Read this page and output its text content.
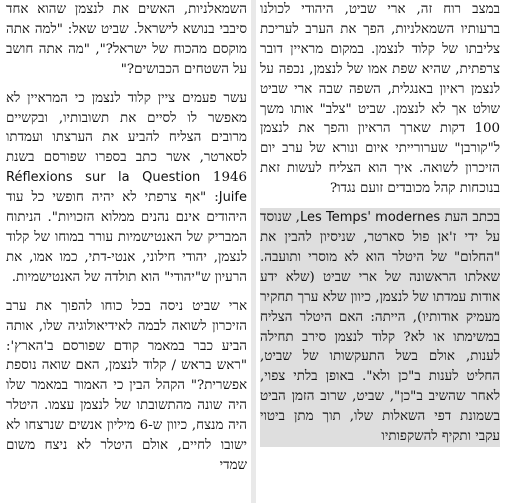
במצב רוח זה, ארי שביט, היהודי לכולנו ברעותיו השמאלניות, הפך את הערב לעריכת צליבתו של קלוד לנצמן. במקום מראיין דובר צרפתית, שהיא שפת אמו של לנצמן, נכפה על לנצמן ראיון באנגלית, השפה שבה ארי שביט שולט אך לא לנצמן. שביט "צלב" אותו משך 100 דקות שארך הראיון והפך את לנצמן ל"קורבן" שערורייתי איום ונורא של ערב יום הזיכרון לשואה. איך הוא הצליח לעשות זאת בנוכחות קהל מכובדים זועם נגדו?

בכתב העת Les Temps' modernes, שנוסד על ידי ז'אן פול סארטר, שניסיון להבין את "החלום" של היטלר הוא לא מוסרי ותועבה. שאלתו הראשונה של ארי שביט (שלא ידע אודות עמדתו של לנצמן, כיוון שלא ערך תחקיר מעמיק אודותיו), הייתה: האם היטלר הצליח במשימתו או לא? קלוד לנצמן סירב תחילה לענות, אולם בשל התעקשותו של שביט, החליט לענות ב"כן ולא". באופן בלתי צפוי, לאחר שהשיב ב"כן", שביט, שרוב הזמן הביט בשמונת דפי השאלות שלו, תוך מתן ביטוי עקבי ותקיף להשקפותיו

השמאלניות, האשים את לנצמן שהוא אחד סיבבי בנושא לישראל. שביט שאל: "למה אתה מוקסם מהכוח של ישראל?", "מה אתה חושב על השטחים הכבושים?"

עשר פעמים ציין קלוד לנצמן כי המראיין לא מאפשר לו לסיים את תשובותיו, ובקשיים מרובים הצליח להביע את הערצתו ועמדתו לסארטר, אשר כתב בספרו שפורסם בשנת 1946 Réflexions sur la Question Juife: "אף צרפתי לא יהיה חופשי כל עוד היהודים אינם נהנים ממלוא הזכויות". הניתוח המבריק של האנטישמיות עורר במוחו של קלוד לנצמן, יהודי חילוני, אנטי-דתי, כמו אמו, את הרעיון ש"יהודי" הוא תולדה של האנטישמיות.

ארי שביט ניסה בכל כוחו להפוך את ערב הזיכרון לשואה לבמה לאידיאולוגיה שלו, אותה הביע כבר במאמר קודם שפורסם ב'הארץ': "ראש בראש / קלוד לנצמן, האם שואה נוספת אפשרית?" הקהל הבין כי האמור במאמר שלו היה שונה מהתשובתו של לנצמן עצמו. היטלר היה מנצח, כיוון ש-6 מיליון אנשים שנרצחו לא ישובו לחיים, אולם היטלר לא ניצח משום שמדי
